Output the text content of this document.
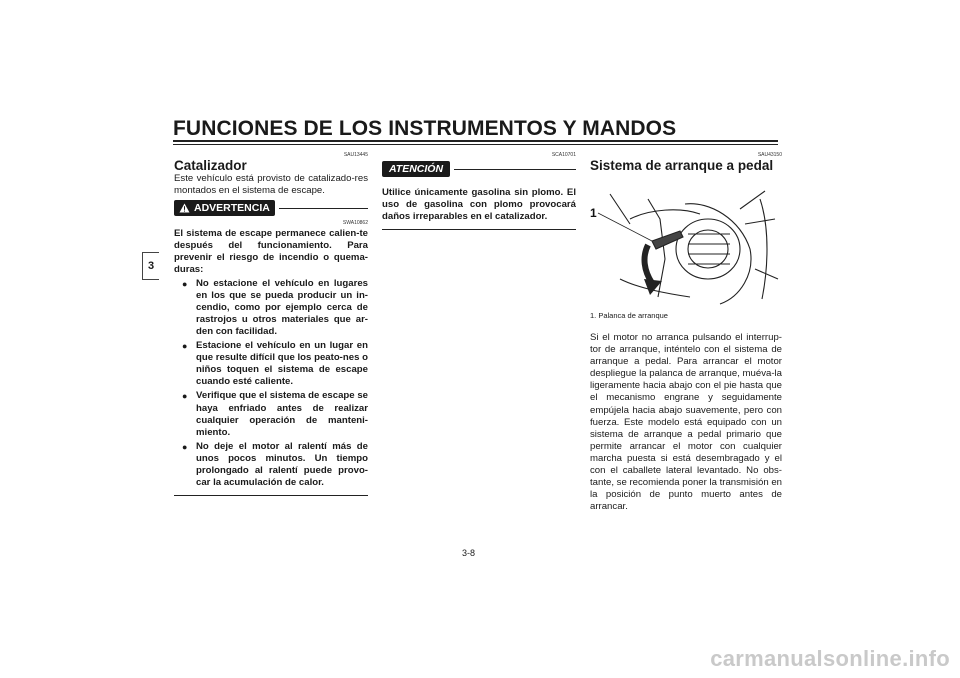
FUNCIONES DE LOS INSTRUMENTOS Y MANDOS
3
SAU13445
Catalizador

Este vehículo está provisto de catalizado-res montados en el sistema de escape.

ADVERTENCIA
SWA10862

El sistema de escape permanece calien-te después del funcionamiento. Para prevenir el riesgo de incendio o quema-duras:

● No estacione el vehículo en lugares en los que se pueda producir un in-cendio, como por ejemplo cerca de rastrojos u otros materiales que ar-den con facilidad.
● Estacione el vehículo en un lugar en que resulte difícil que los peato-nes o niños toquen el sistema de escape cuando esté caliente.
● Verifique que el sistema de escape se haya enfriado antes de realizar cualquier operación de manteni-miento.
● No deje el motor al ralentí más de unos pocos minutos. Un tiempo prolongado al ralentí puede provo-car la acumulación de calor.
SCA10701
ATENCIÓN

Utilice únicamente gasolina sin plomo. El uso de gasolina con plomo provocará daños irreparables en el catalizador.

SAU43150
Sistema de arranque a pedal
1

1. Palanca de arranque

Si el motor no arranca pulsando el interrup-tor de arranque, inténtelo con el sistema de arranque a pedal. Para arrancar el motor despliegue la palanca de arranque, muéva-la ligeramente hacia abajo con el pie hasta que el mecanismo engrane y seguidamente empújela hacia abajo suavemente, pero con fuerza. Este modelo está equipado con un sistema de arranque a pedal primario que permite arrancar el motor con cualquier marcha puesta si está desembragado y el con el caballete lateral levantado. No obs-tante, se recomienda poner la transmisión en la posición de punto muerto antes de arrancar.

3-8
carmanualsonline.info
